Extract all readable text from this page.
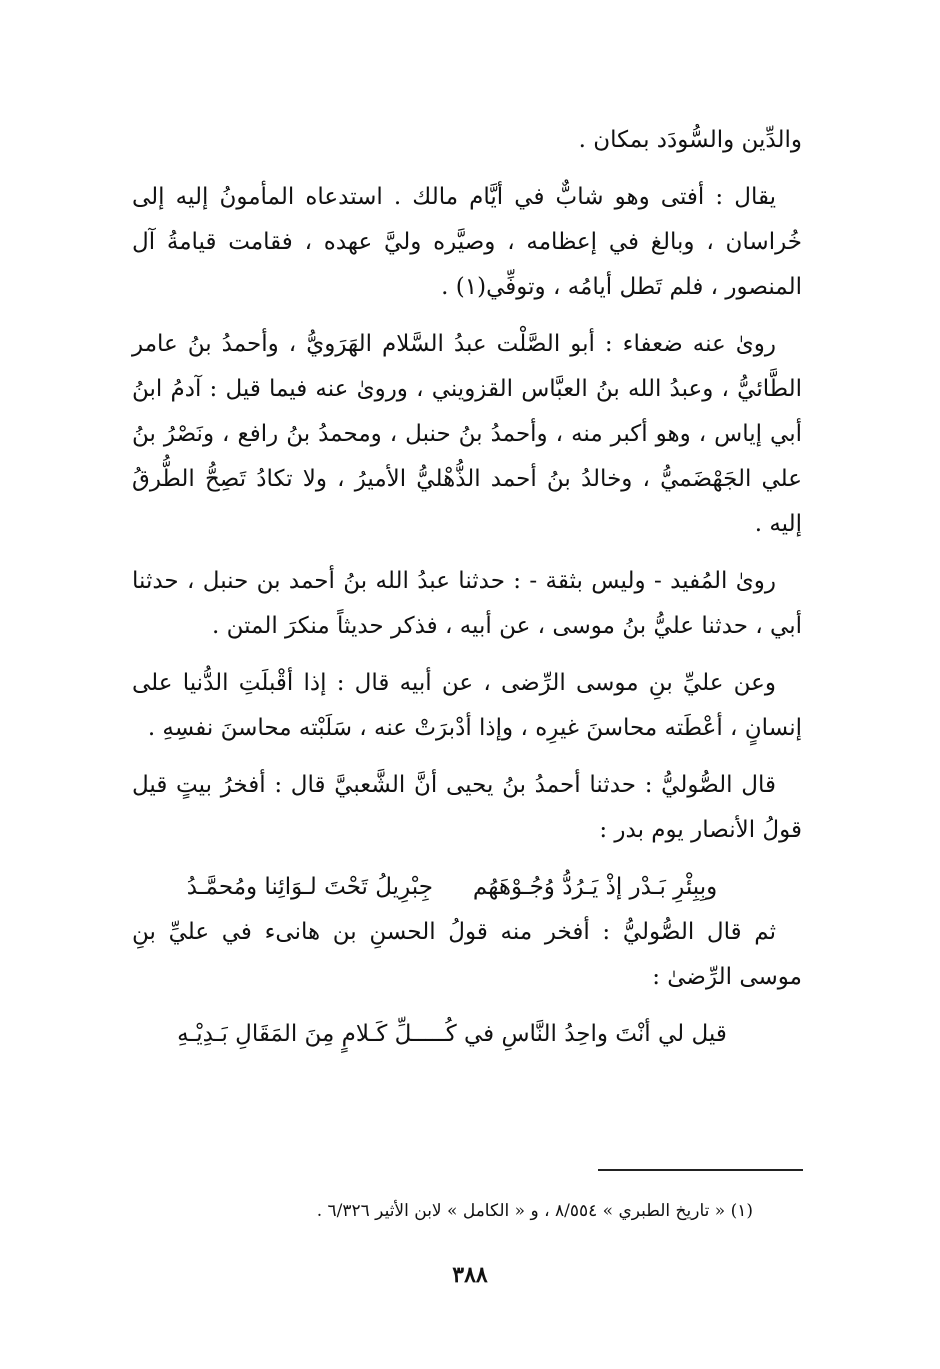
والدِّين والسُّودَد بمكان .

يقال : أفتى وهو شابٌّ في أيَّام مالك . استدعاه المأمونُ إليه إلى خُراسان ، وبالغ في إعظامه ، وصيَّره وليَّ عهده ، فقامت قيامةُ آل المنصور ، فلم تَطل أيامُه ، وتوفِّي(١) .

روىٰ عنه ضعفاء : أبو الصَّلْت عبدُ السَّلام الهَرَويُّ ، وأحمدُ بنُ عامر الطَّائيُّ ، وعبدُ الله بنُ العبَّاس القزويني ، وروىٰ عنه فيما قيل : آدمُ ابنُ أبي إياس ، وهو أكبر منه ، وأحمدُ بنُ حنبل ، ومحمدُ بنُ رافع ، ونَصْرُ بنُ علي الجَهْضَميُّ ، وخالدُ بنُ أحمد الذُّهْليُّ الأميرُ ، ولا تكادُ تَصِحُّ الطُّرقُ إليه .

روىٰ المُفيد - وليس بثقة - : حدثنا عبدُ الله بنُ أحمد بن حنبل ، حدثنا أبي ، حدثنا عليُّ بنُ موسى ، عن أبيه ، فذكر حديثاً منكرَ المتن .

وعن عليِّ بنِ موسى الرِّضى ، عن أبيه قال : إذا أقْبلَتِ الدُّنيا على إنسانٍ ، أعْطَته محاسنَ غيرِه ، وإذا أدْبرَتْ عنه ، سَلَبْته محاسنَ نفسِهِ .

قال الصُّوليُّ : حدثنا أحمدُ بنُ يحيى أنَّ الشَّعبيَّ قال : أفخرُ بيتٍ قيل قولُ الأنصار يوم بدر :

وبِبِئْرِ بَـدْر إذْ يَـرُدُّ وُجُـوْهَهُم
جِبْرِيلُ تَحْتَ لـوَائِنا ومُحمَّـدُ

ثم قال الصُّوليُّ : أفخر منه قولُ الحسنِ بن هانىء في عليِّ بنِ موسى الرِّضىٰ :

قيل لي أنْتَ واحِدُ النَّاسِ في كُـــــلِّ كَـلامٍ مِنَ المَقَالِ بَـدِيْـهِ

(١) « تاريخ الطبري » ٨/٥٥٤ ، و « الكامل » لابن الأثير ٦/٣٢٦ .

٣٨٨
